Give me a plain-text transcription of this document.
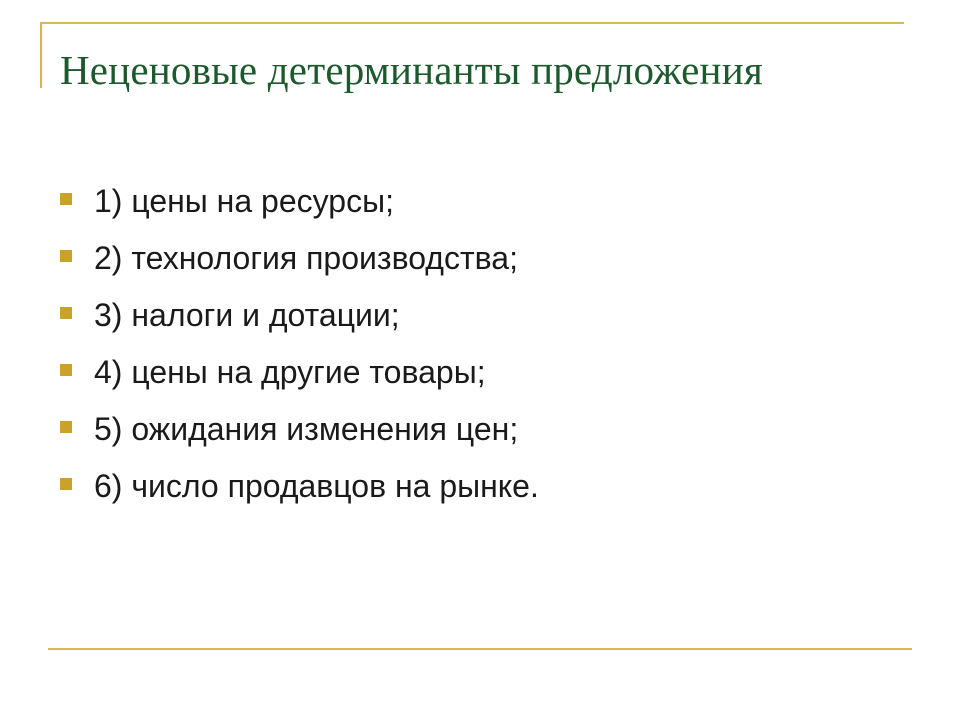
Неценовые детерминанты предложения
1) цены на ресурсы;
2) технология производства;
3) налоги и дотации;
4) цены на другие товары;
5) ожидания изменения цен;
6) число продавцов на рынке.
